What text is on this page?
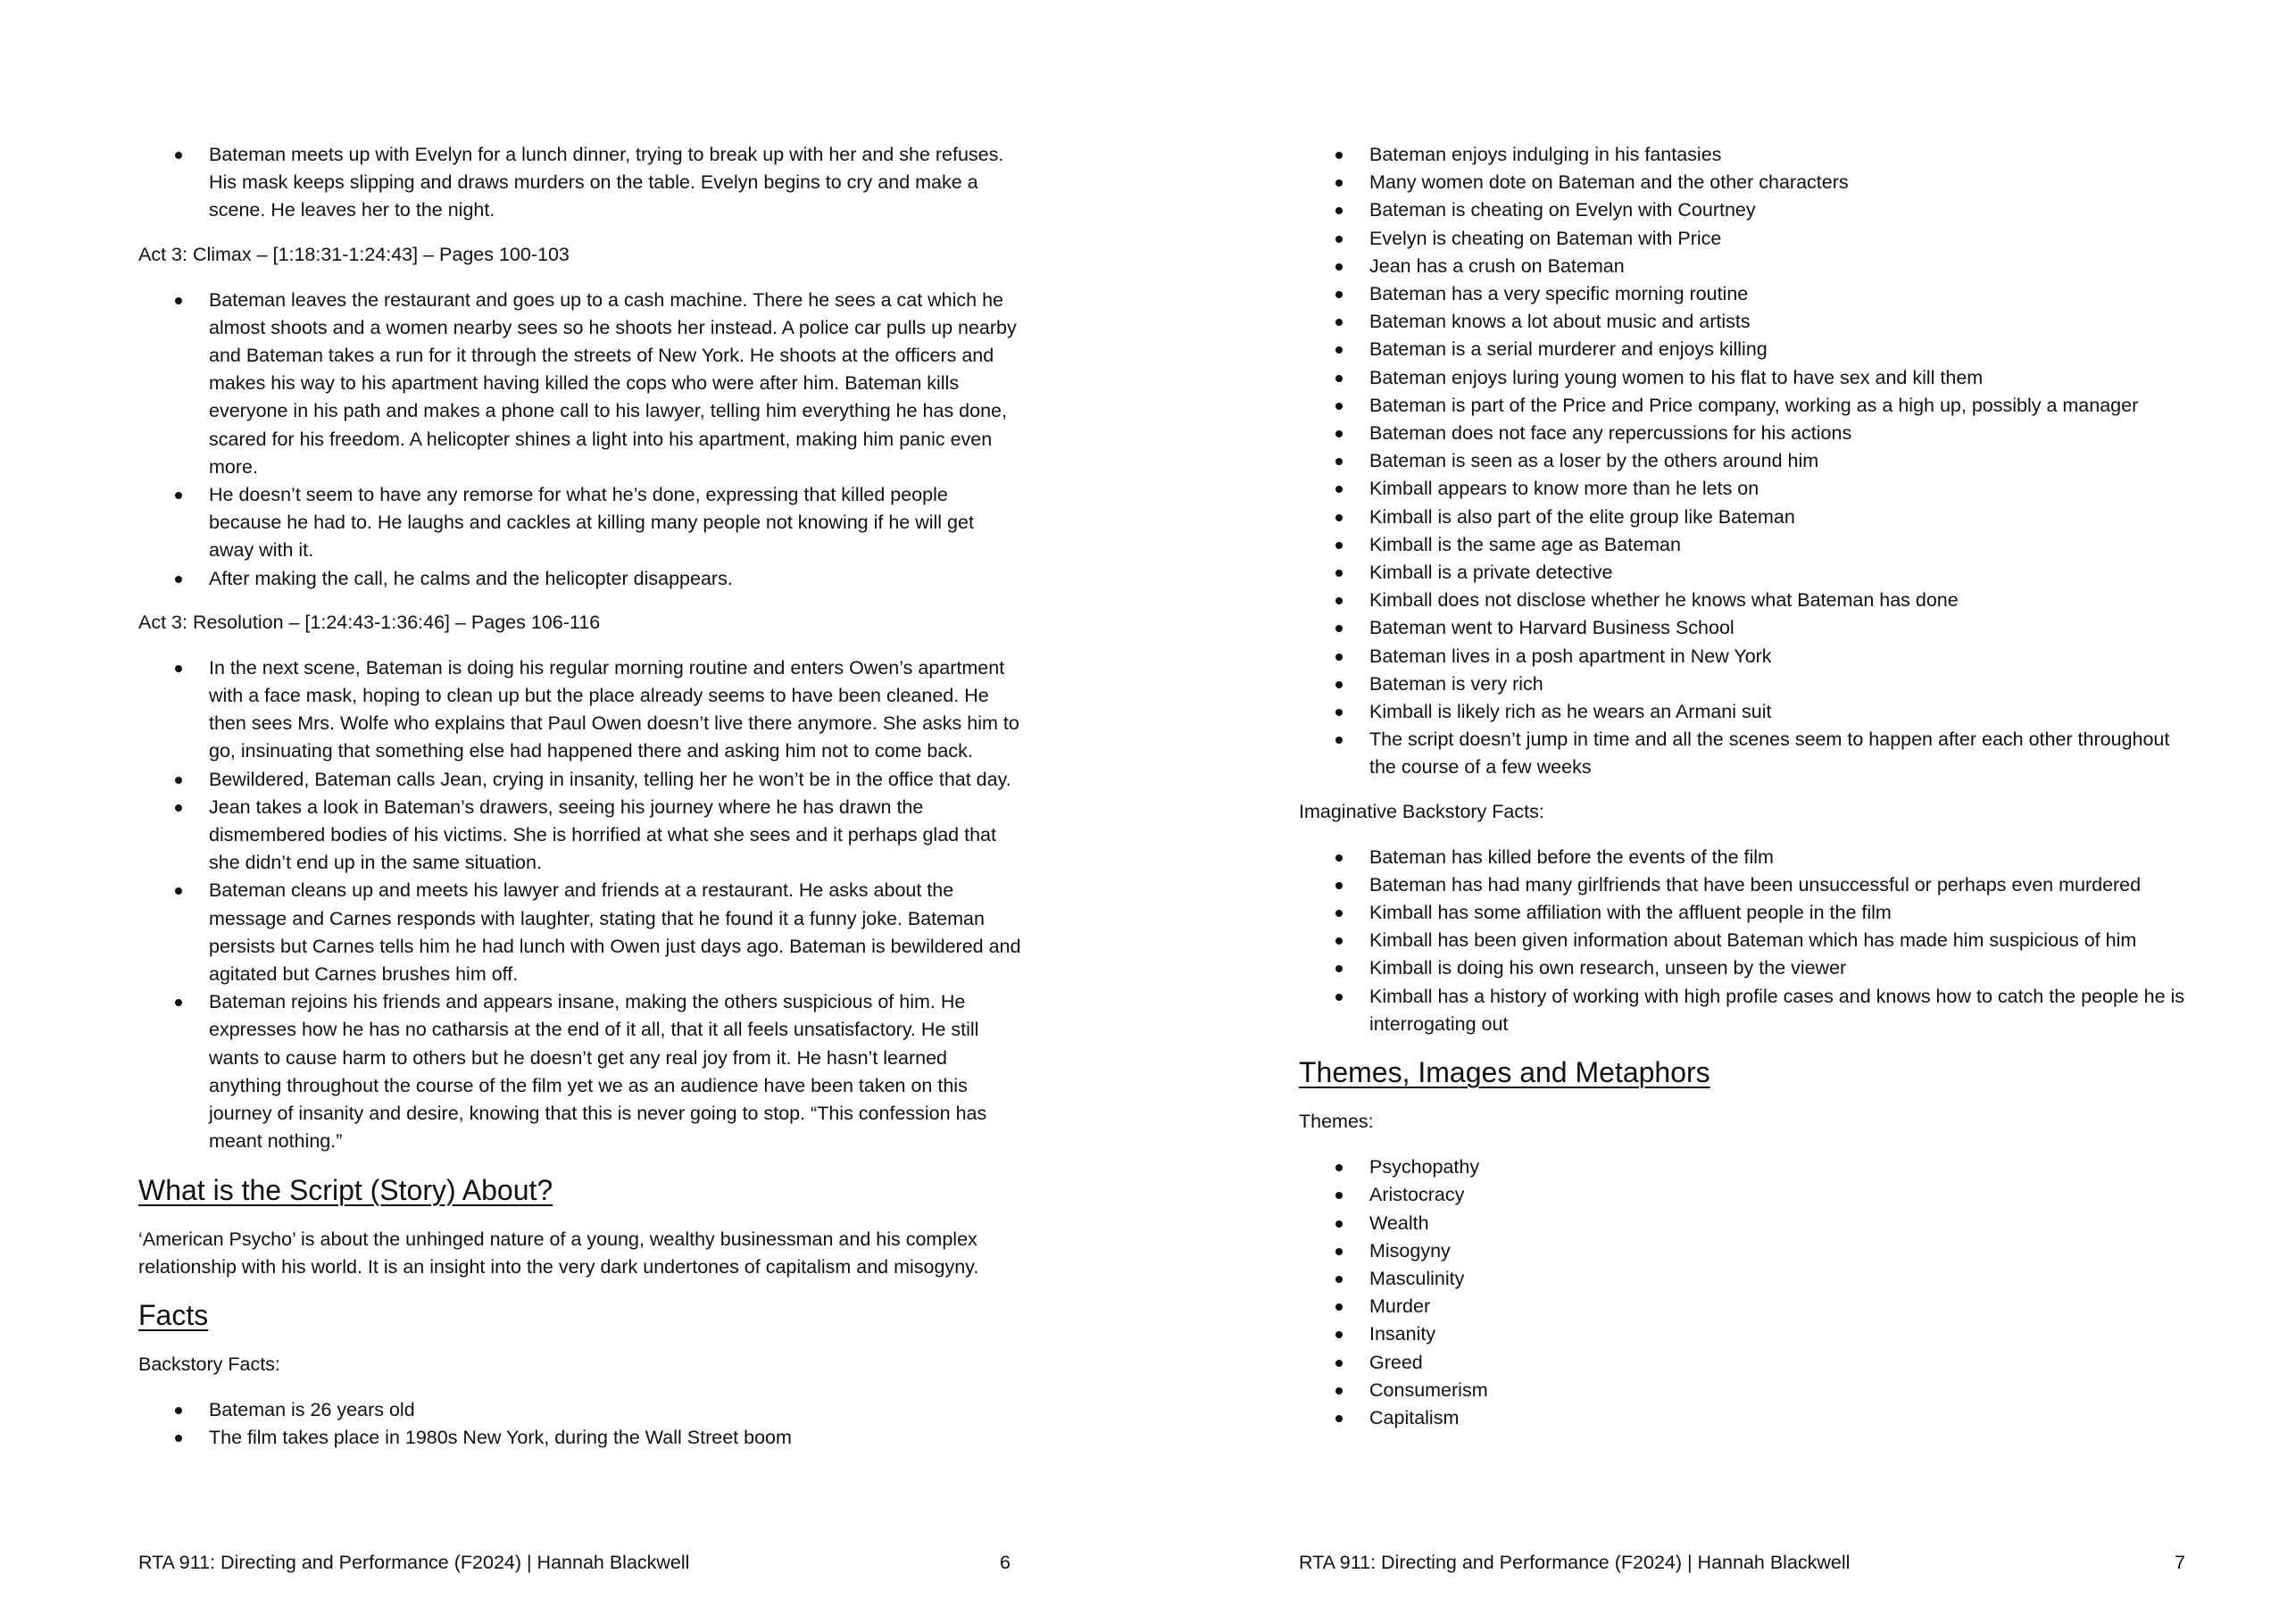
Bateman meets up with Evelyn for a lunch dinner, trying to break up with her and she refuses. His mask keeps slipping and draws murders on the table. Evelyn begins to cry and make a scene. He leaves her to the night.

Act 3: Climax – [1:18:31-1:24:43] – Pages 100-103

Bateman leaves the restaurant and goes up to a cash machine. There he sees a cat which he almost shoots and a women nearby sees so he shoots her instead. A police car pulls up nearby and Bateman takes a run for it through the streets of New York. He shoots at the officers and makes his way to his apartment having killed the cops who were after him. Bateman kills everyone in his path and makes a phone call to his lawyer, telling him everything he has done, scared for his freedom. A helicopter shines a light into his apartment, making him panic even more.
He doesn’t seem to have any remorse for what he’s done, expressing that killed people because he had to. He laughs and cackles at killing many people not knowing if he will get away with it.
After making the call, he calms and the helicopter disappears.

Act 3: Resolution – [1:24:43-1:36:46] – Pages 106-116

In the next scene, Bateman is doing his regular morning routine and enters Owen’s apartment with a face mask, hoping to clean up but the place already seems to have been cleaned. He then sees Mrs. Wolfe who explains that Paul Owen doesn’t live there anymore. She asks him to go, insinuating that something else had happened there and asking him not to come back.
Bewildered, Bateman calls Jean, crying in insanity, telling her he won’t be in the office that day.
Jean takes a look in Bateman’s drawers, seeing his journey where he has drawn the dismembered bodies of his victims. She is horrified at what she sees and it perhaps glad that she didn’t end up in the same situation.
Bateman cleans up and meets his lawyer and friends at a restaurant. He asks about the message and Carnes responds with laughter, stating that he found it a funny joke. Bateman persists but Carnes tells him he had lunch with Owen just days ago. Bateman is bewildered and agitated but Carnes brushes him off.
Bateman rejoins his friends and appears insane, making the others suspicious of him. He expresses how he has no catharsis at the end of it all, that it all feels unsatisfactory. He still wants to cause harm to others but he doesn’t get any real joy from it. He hasn’t learned anything throughout the course of the film yet we as an audience have been taken on this journey of insanity and desire, knowing that this is never going to stop. “This confession has meant nothing.”
What is the Script (Story) About?

‘American Psycho’ is about the unhinged nature of a young, wealthy businessman and his complex relationship with his world. It is an insight into the very dark undertones of capitalism and misogyny.

Facts

Backstory Facts:

Bateman is 26 years old
The film takes place in 1980s New York, during the Wall Street boom
RTA 911: Directing and Performance (F2024) | Hannah Blackwell	6
Bateman enjoys indulging in his fantasies
Many women dote on Bateman and the other characters
Bateman is cheating on Evelyn with Courtney
Evelyn is cheating on Bateman with Price
Jean has a crush on Bateman
Bateman has a very specific morning routine
Bateman knows a lot about music and artists
Bateman is a serial murderer and enjoys killing
Bateman enjoys luring young women to his flat to have sex and kill them
Bateman is part of the Price and Price company, working as a high up, possibly a manager
Bateman does not face any repercussions for his actions
Bateman is seen as a loser by the others around him
Kimball appears to know more than he lets on
Kimball is also part of the elite group like Bateman
Kimball is the same age as Bateman
Kimball is a private detective
Kimball does not disclose whether he knows what Bateman has done
Bateman went to Harvard Business School
Bateman lives in a posh apartment in New York
Bateman is very rich
Kimball is likely rich as he wears an Armani suit
The script doesn’t jump in time and all the scenes seem to happen after each other throughout the course of a few weeks

Imaginative Backstory Facts:

Bateman has killed before the events of the film
Bateman has had many girlfriends that have been unsuccessful or perhaps even murdered
Kimball has some affiliation with the affluent people in the film
Kimball has been given information about Bateman which has made him suspicious of him
Kimball is doing his own research, unseen by the viewer
Kimball has a history of working with high profile cases and knows how to catch the people he is interrogating out
Themes, Images and Metaphors

Themes:

Psychopathy
Aristocracy
Wealth
Misogyny
Masculinity
Murder
Insanity
Greed
Consumerism
Capitalism
RTA 911: Directing and Performance (F2024) | Hannah Blackwell	7
